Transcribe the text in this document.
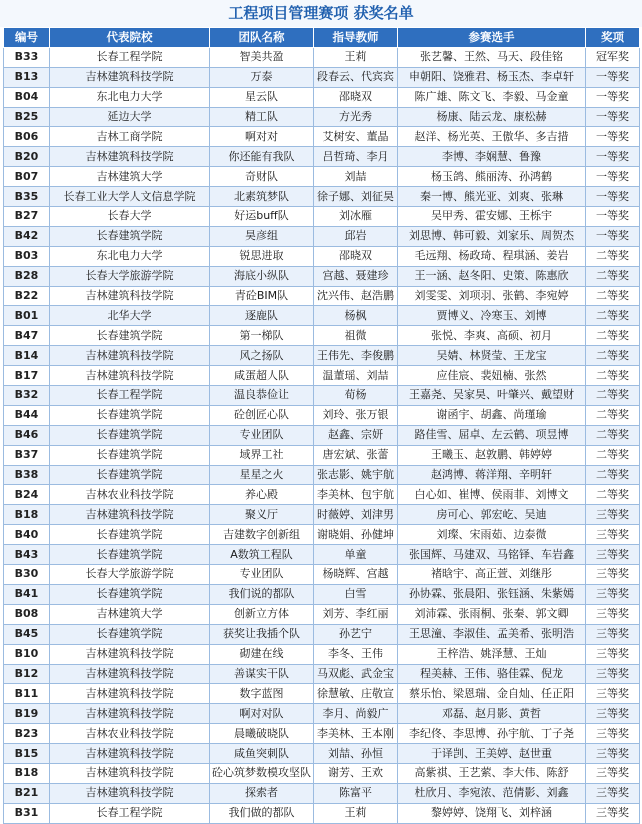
工程项目管理赛项 获奖名单
编号	代表院校	团队名称	指导教师	参赛选手	奖项
B33	长春工程学院	智美共盈	王莉	张艺馨、王然、马天、段佳铭	冠军奖
B13	吉林建筑科技学院	万泰	段春云、代宾宾	申朝阳、饶雅君、杨玉杰、李卓轩	一等奖
B04	东北电力大学	星云队	邵晓双	陈广雄、陈文飞、李毅、马金童	一等奖
B25	延边大学	精工队	方光秀	杨康、陆云龙、康松赫	一等奖
B06	吉林工商学院	啊对对	艾树安、董晶	赵洋、杨光英、王傲华、多吉措	一等奖
B20	吉林建筑科技学院	你还能有我队	吕哲琦、李月	李博、李娴慧、鲁豫	一等奖
B07	吉林建筑大学	奇财队	刘喆	杨玉鸽、熊丽涛、孙鸿鹤	一等奖
B35	长春工业大学人文信息学院	北素筑梦队	徐子娜、刘征昊	秦一博、熊光亚、刘爽、张琳	一等奖
B27	长春大学	好运buff队	刘冰雁	吴甲秀、霍安娜、王栎宇	一等奖
B42	长春建筑学院	昊彦组	邱岩	刘思博、韩可毅、刘家乐、周贺杰	一等奖
B03	东北电力大学	锐思进取	邵晓双	毛远翔、杨政琦、程琪涵、姜岩	二等奖
B28	长春大学旅游学院	海底小纵队	宫越、聂建珍	王一涵、赵冬阳、史策、陈惠欣	二等奖
B22	吉林建筑科技学院	青砼BIM队	沈兴伟、赵浩鹏	刘雯雯、刘项羽、张鹤、李宛婷	二等奖
B01	北华大学	逐鹿队	杨枫	贾博义、冷寒玉、刘博	二等奖
B47	长春建筑学院	第一梯队	祖微	张悦、李爽、高硕、初月	二等奖
B14	吉林建筑科技学院	风之扬队	王伟先、李俊鹏	吴婧、林贤莹、王龙宝	二等奖
B17	吉林建筑科技学院	咸蛋超人队	温董瑶、刘喆	应佳宸、裴妞楠、张然	二等奖
B32	长春工程学院	温良恭俭让	荀杨	王嘉尧、吴家昊、叶肇兴、戴望财	二等奖
B44	长春建筑学院	砼创匠心队	刘玲、张万银	谢函宇、胡鑫、尚瑾瑜	二等奖
B46	长春建筑学院	专业团队	赵鑫、宗妍	路佳雪、屈卓、左云鹤、项昱博	二等奖
B37	长春建筑学院	域界工社	唐宏斌、张蕾	王曦玉、赵敦鹏、韩婷婷	二等奖
B38	长春建筑学院	星星之火	张志影、姚宇航	赵鸿博、蒋洋翔、辛明轩	二等奖
B24	吉林农业科技学院	养心殿	李美林、包宇航	白心如、崔博、侯雨菲、刘博文	二等奖
B18	吉林建筑科技学院	聚义厅	时薇婷、刘津男	房可心、郭宏屹、吴迪	三等奖
B40	长春建筑学院	吉建数字创新组	谢晓娟、孙健坤	刘璨、宋雨茹、边泰微	三等奖
B43	长春建筑学院	A数筑工程队	单童	张国辉、马建双、马铭铎、车岩鑫	三等奖
B30	长春大学旅游学院	专业团队	杨晓辉、宫越	褚晗宇、高正萱、刘继彤	三等奖
B41	长春建筑学院	我们说的都队	白雪	孙协霖、张晨阳、张钰涵、朱紫嫣	三等奖
B08	吉林建筑大学	创新立方体	刘芳、李红丽	刘沛霖、张雨桐、张秦、郭文卿	三等奖
B45	长春建筑学院	获奖让我插个队	孙艺宁	王思潼、李淑佳、孟美希、张明浩	三等奖
B10	吉林建筑科技学院	砌建在线	李冬、王伟	王梓浩、姚泽慧、王灿	三等奖
B12	吉林建筑科技学院	善谋实干队	马双彪、武金宝	程美赫、王伟、骆佳霖、倪龙	三等奖
B11	吉林建筑科技学院	数字蓝图	徐慧敏、庄敬宣	蔡乐怡、梁恩瑞、金自灿、任正阳	三等奖
B19	吉林建筑科技学院	啊对对队	李月、尚毅广	邓磊、赵月影、黄哲	三等奖
B23	吉林农业科技学院	晨曦破晓队	李美林、王本刚	李纪佟、李思博、孙宇航、丁子尧	三等奖
B15	吉林建筑科技学院	咸鱼突刺队	刘喆、孙恒	于译剀、王美婷、赵世重	三等奖
B18	吉林建筑科技学院	砼心筑梦数模攻坚队	谢芳、王欢	高紫祺、王艺萦、李大伟、陈舒	三等奖
B21	吉林建筑科技学院	探索者	陈富平	杜欣月、李宛浓、范倩影、刘鑫	三等奖
B31	长春工程学院	我们做的都队	王莉	黎婷婷、饶翔飞、刘梓涵	三等奖
